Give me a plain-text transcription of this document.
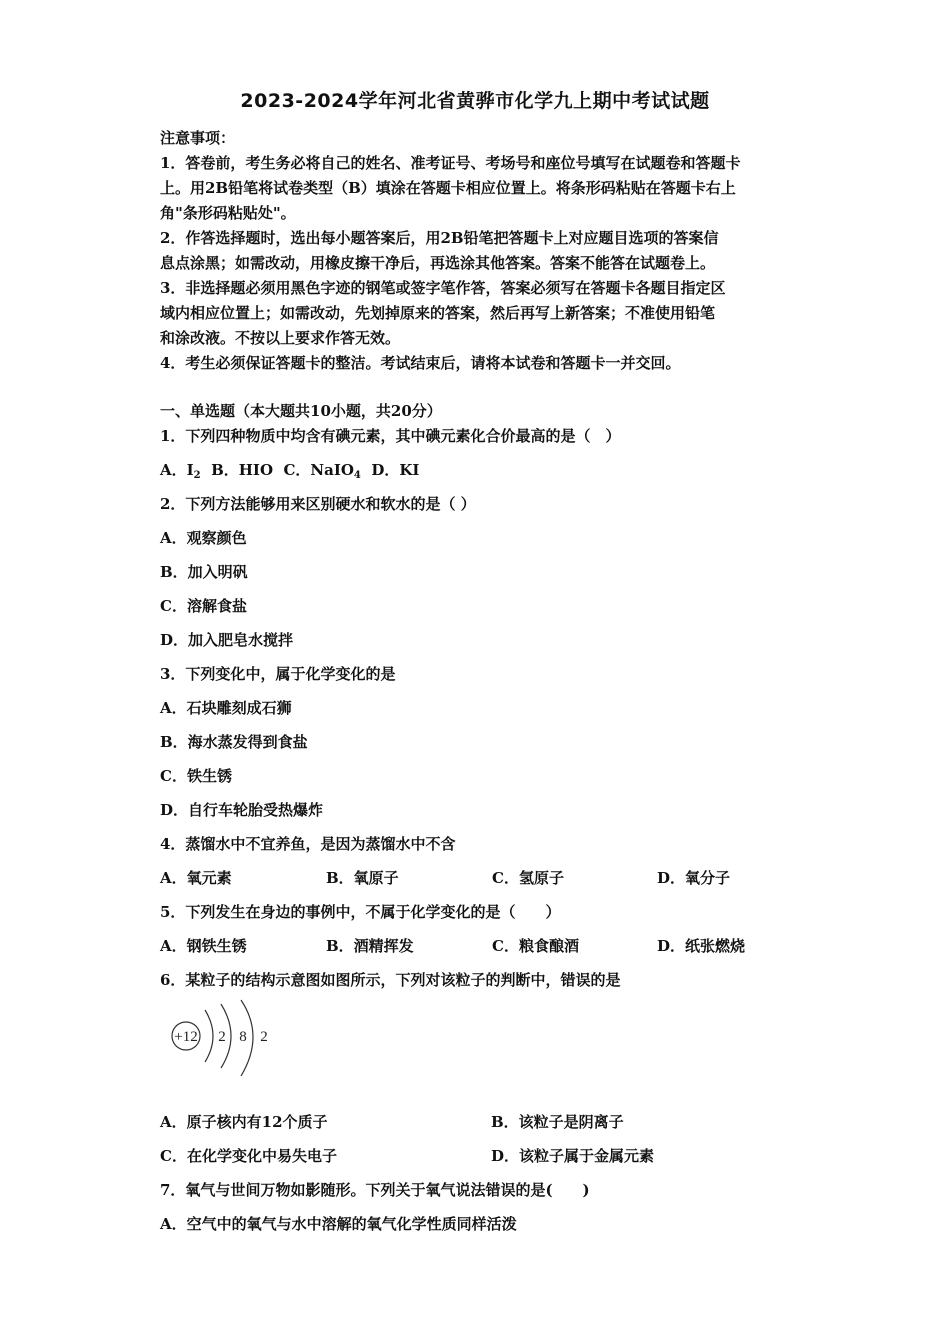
2023-2024学年河北省黄骅市化学九上期中考试试题
注意事项：
1．答卷前，考生务必将自己的姓名、准考证号、考场号和座位号填写在试题卷和答题卡
上。用2B铅笔将试卷类型（B）填涂在答题卡相应位置上。将条形码粘贴在答题卡右上
角"条形码粘贴处"。
2．作答选择题时，选出每小题答案后，用2B铅笔把答题卡上对应题目选项的答案信
息点涂黑；如需改动，用橡皮擦干净后，再选涂其他答案。答案不能答在试题卷上。
3．非选择题必须用黑色字迹的钢笔或签字笔作答，答案必须写在答题卡各题目指定区
域内相应位置上；如需改动，先划掉原来的答案，然后再写上新答案；不准使用铅笔
和涂改液。不按以上要求作答无效。
4．考生必须保证答题卡的整洁。考试结束后，请将本试卷和答题卡一并交回。
一、单选题（本大题共10小题，共20分）
1．下列四种物质中均含有碘元素，其中碘元素化合价最高的是（　）
A．$I_2$ B．HIO C．NaIO$_4$ D．KI
2．下列方法能够用来区别硬水和软水的是（ ）
A．观察颜色
B．加入明矾
C．溶解食盐
D．加入肥皂水搅拌
3．下列变化中，属于化学变化的是
A．石块雕刻成石狮
B．海水蒸发得到食盐
C．铁生锈
D．自行车轮胎受热爆炸
4．蒸馏水中不宜养鱼，是因为蒸馏水中不含
A．氧元素	B．氧原子	C．氢原子	D．氧分子
5．下列发生在身边的事例中，不属于化学变化的是（　　）
A．钢铁生锈	B．酒精挥发	C．粮食酿酒	D．纸张燃烧
6．某粒子的结构示意图如图所示，下列对该粒子的判断中，错误的是
+12 2 8 2
A．原子核内有12个质子	B．该粒子是阴离子
C．在化学变化中易失电子	D．该粒子属于金属元素
7．氧气与世间万物如影随形。下列关于氧气说法错误的是(　　)
A．空气中的氧气与水中溶解的氧气化学性质同样活泼
